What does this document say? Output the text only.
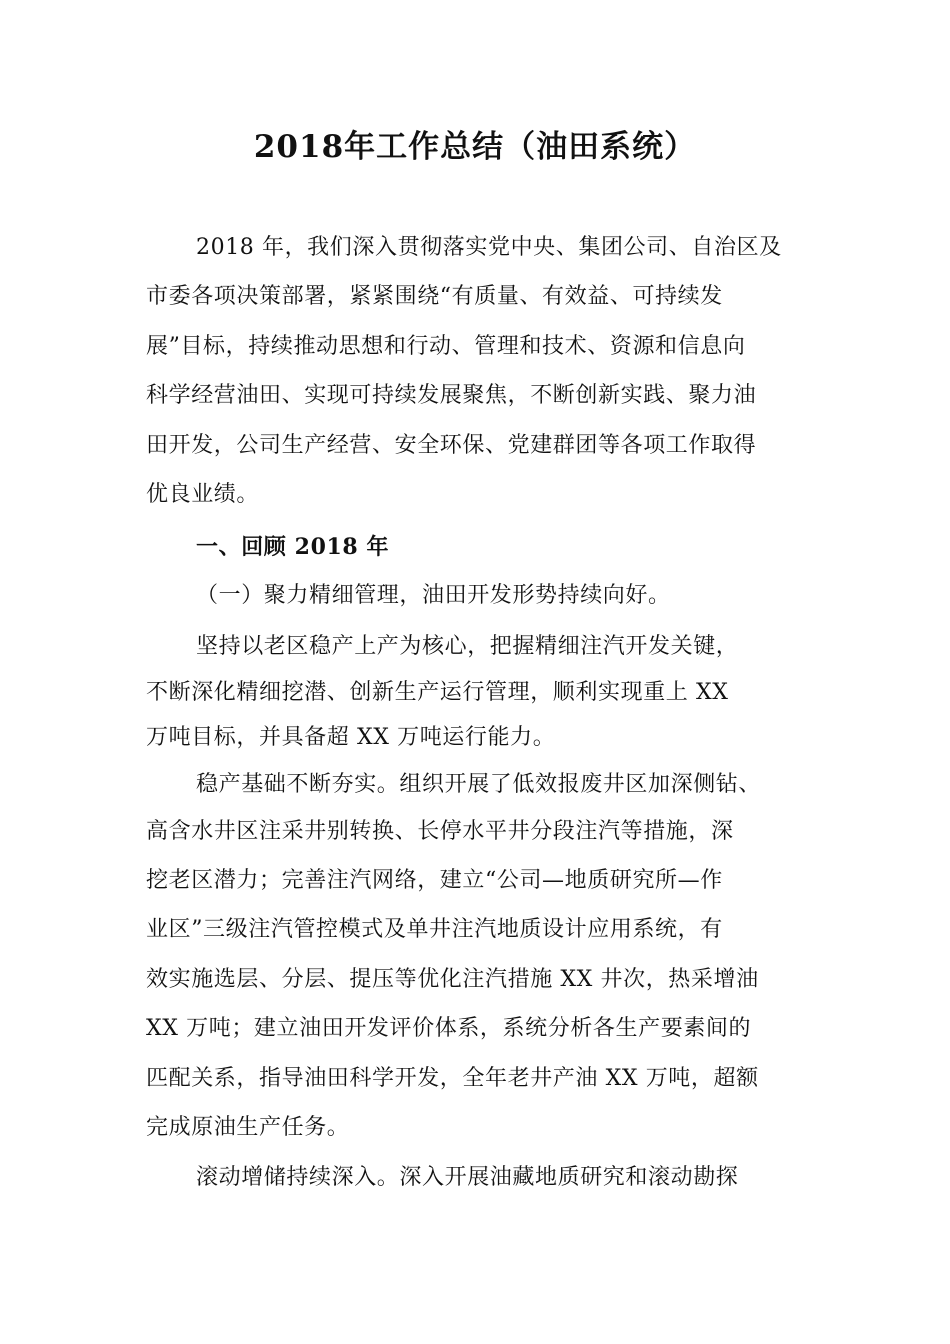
2018年工作总结（油田系统）
2018 年，我们深入贯彻落实党中央、集团公司、自治区及
市委各项决策部署，紧紧围绕“有质量、有效益、可持续发
展”目标，持续推动思想和行动、管理和技术、资源和信息向
科学经营油田、实现可持续发展聚焦，不断创新实践、聚力油
田开发，公司生产经营、安全环保、党建群团等各项工作取得
优良业绩。
一、回顾 2018 年
（一）聚力精细管理，油田开发形势持续向好。
坚持以老区稳产上产为核心，把握精细注汽开发关键，
不断深化精细挖潜、创新生产运行管理，顺利实现重上 XX
万吨目标，并具备超 XX 万吨运行能力。
稳产基础不断夯实。组织开展了低效报废井区加深侧钻、
高含水井区注采井别转换、长停水平井分段注汽等措施，深
挖老区潜力；完善注汽网络，建立“公司—地质研究所—作
业区”三级注汽管控模式及单井注汽地质设计应用系统，有
效实施选层、分层、提压等优化注汽措施 XX 井次，热采增油
XX 万吨；建立油田开发评价体系，系统分析各生产要素间的
匹配关系，指导油田科学开发，全年老井产油 XX 万吨，超额
完成原油生产任务。
滚动增储持续深入。深入开展油藏地质研究和滚动勘探
